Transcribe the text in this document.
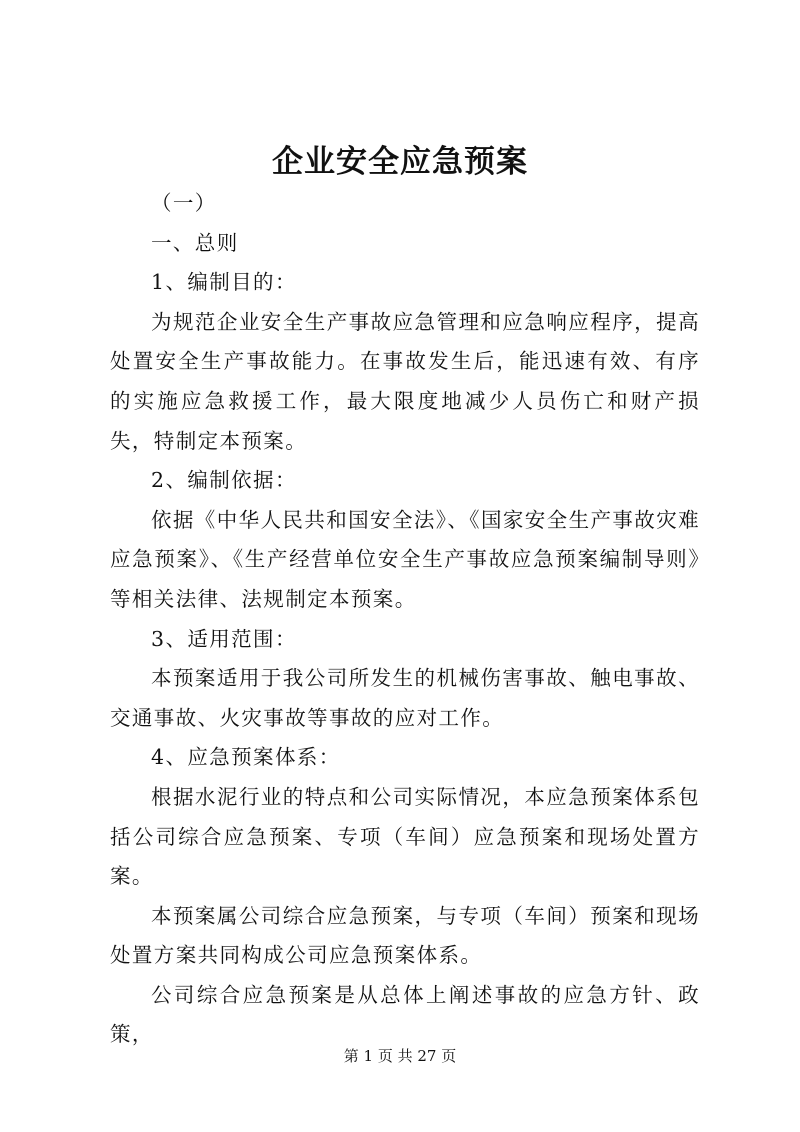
企业安全应急预案

（一）

一、总则

1、编制目的：

为规范企业安全生产事故应急管理和应急响应程序，提高处置安全生产事故能力。在事故发生后，能迅速有效、有序的实施应急救援工作，最大限度地减少人员伤亡和财产损失，特制定本预案。

2、编制依据：

依据《中华人民共和国安全法》、《国家安全生产事故灾难应急预案》、《生产经营单位安全生产事故应急预案编制导则》等相关法律、法规制定本预案。

3、适用范围：

本预案适用于我公司所发生的机械伤害事故、触电事故、交通事故、火灾事故等事故的应对工作。

4、应急预案体系：

根据水泥行业的特点和公司实际情况，本应急预案体系包括公司综合应急预案、专项（车间）应急预案和现场处置方案。

本预案属公司综合应急预案，与专项（车间）预案和现场处置方案共同构成公司应急预案体系。

公司综合应急预案是从总体上阐述事故的应急方针、政策，

第 1 页 共 27 页
